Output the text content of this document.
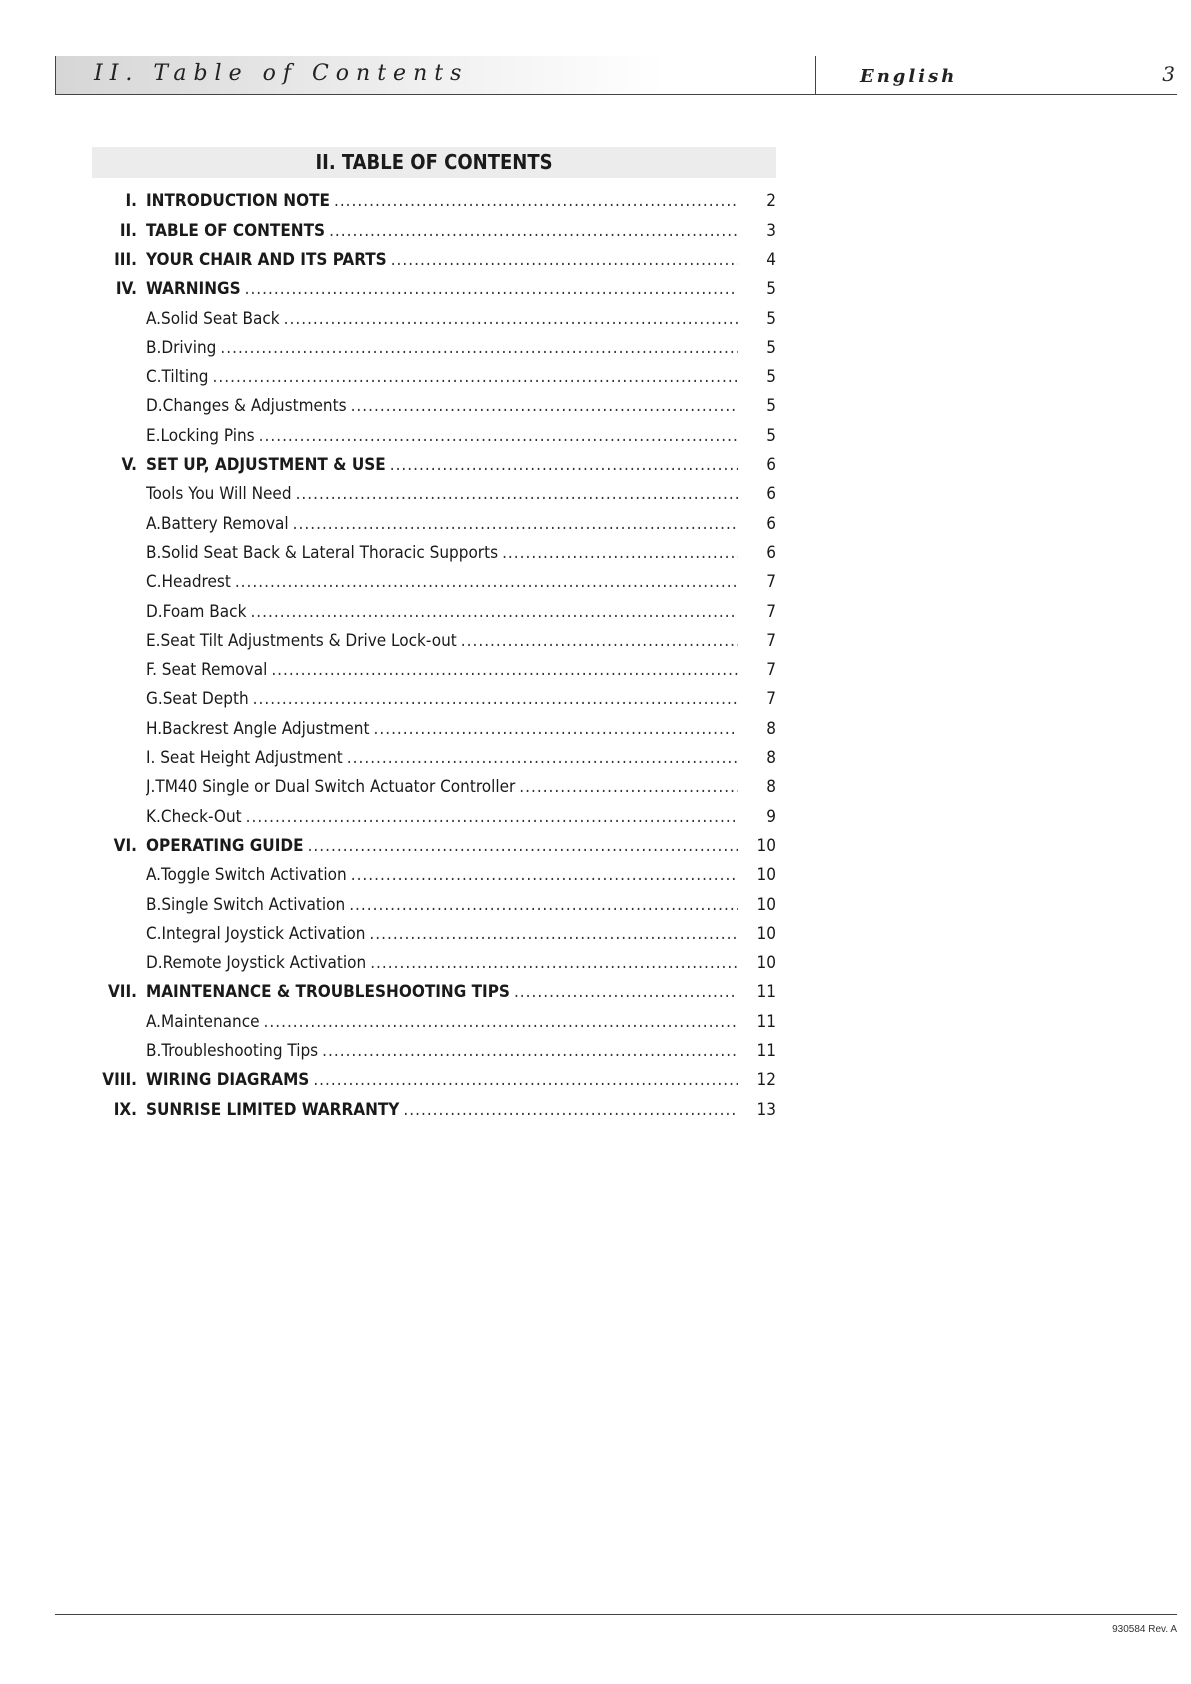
II. Table of Contents	English	3
II. TABLE OF CONTENTS
I. INTRODUCTION NOTE .....	2
II. TABLE OF CONTENTS .....	3
III. YOUR CHAIR AND ITS PARTS .....	4
IV. WARNINGS .....	5
A.Solid Seat Back .....	5
B.Driving .....	5
C.Tilting .....	5
D.Changes & Adjustments .....	5
E.Locking Pins .....	5
V. SET UP, ADJUSTMENT & USE .....	6
Tools You Will Need .....	6
A.Battery Removal .....	6
B.Solid Seat Back & Lateral Thoracic Supports .....	6
C.Headrest .....	7
D.Foam Back .....	7
E.Seat Tilt Adjustments & Drive Lock-out .....	7
F. Seat Removal .....	7
G.Seat Depth .....	7
H.Backrest Angle Adjustment .....	8
I. Seat Height Adjustment .....	8
J.TM40 Single or Dual Switch Actuator Controller .....	8
K.Check-Out .....	9
VI. OPERATING GUIDE .....	10
A.Toggle Switch Activation .....	10
B.Single Switch Activation .....	10
C.Integral Joystick Activation .....	10
D.Remote Joystick Activation .....	10
VII. MAINTENANCE & TROUBLESHOOTING TIPS .....	11
A.Maintenance .....	11
B.Troubleshooting Tips .....	11
VIII. WIRING DIAGRAMS .....	12
IX. SUNRISE LIMITED WARRANTY .....	13
930584 Rev. A
